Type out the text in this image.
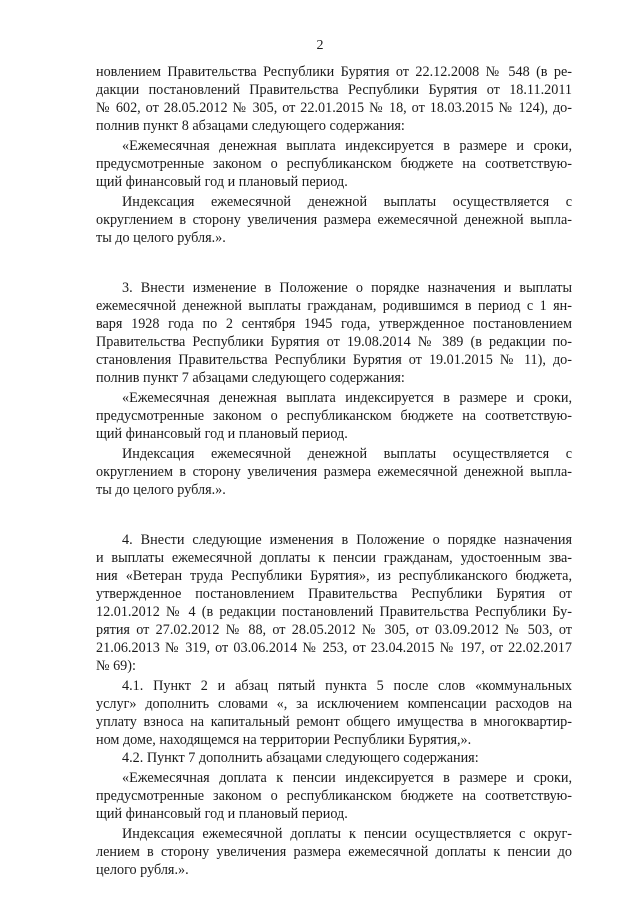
2
новлением Правительства Республики Бурятия от 22.12.2008 № 548 (в ре-
дакции постановлений Правительства Республики Бурятия от 18.11.2011
№ 602, от 28.05.2012 № 305, от 22.01.2015 № 18, от 18.03.2015 № 124), до-
полнив пункт 8 абзацами следующего содержания:
«Ежемесячная денежная выплата индексируется в размере и сроки,
предусмотренные законом о республиканском бюджете на соответствую-
щий финансовый год и плановый период.
Индексация ежемесячной денежной выплаты осуществляется с
округлением в сторону увеличения размера ежемесячной денежной выпла-
ты до целого рубля.».
3. Внести изменение в Положение о порядке назначения и выплаты
ежемесячной денежной выплаты гражданам, родившимся в период с 1 ян-
варя 1928 года по 2 сентября 1945 года, утвержденное постановлением
Правительства Республики Бурятия от 19.08.2014 № 389 (в редакции по-
становления Правительства Республики Бурятия от 19.01.2015 № 11), до-
полнив пункт 7 абзацами следующего содержания:
«Ежемесячная денежная выплата индексируется в размере и сроки,
предусмотренные законом о республиканском бюджете на соответствую-
щий финансовый год и плановый период.
Индексация ежемесячной денежной выплаты осуществляется с
округлением в сторону увеличения размера ежемесячной денежной выпла-
ты до целого рубля.».
4. Внести следующие изменения в Положение о порядке назначения
и выплаты ежемесячной доплаты к пенсии гражданам, удостоенным зва-
ния «Ветеран труда Республики Бурятия», из республиканского бюджета,
утвержденное постановлением Правительства Республики Бурятия от
12.01.2012 № 4 (в редакции постановлений Правительства Республики Бу-
рятия от 27.02.2012 № 88, от 28.05.2012 № 305, от 03.09.2012 № 503, от
21.06.2013 № 319, от 03.06.2014 № 253, от 23.04.2015 № 197, от 22.02.2017
№ 69):
4.1. Пункт 2 и абзац пятый пункта 5 после слов «коммунальных
услуг» дополнить словами «, за исключением компенсации расходов на
уплату взноса на капитальный ремонт общего имущества в многоквартир-
ном доме, находящемся на территории Республики Бурятия,».
4.2. Пункт 7 дополнить абзацами следующего содержания:
«Ежемесячная доплата к пенсии индексируется в размере и сроки,
предусмотренные законом о республиканском бюджете на соответствую-
щий финансовый год и плановый период.
Индексация ежемесячной доплаты к пенсии осуществляется с округ-
лением в сторону увеличения размера ежемесячной доплаты к пенсии до
целого рубля.».
